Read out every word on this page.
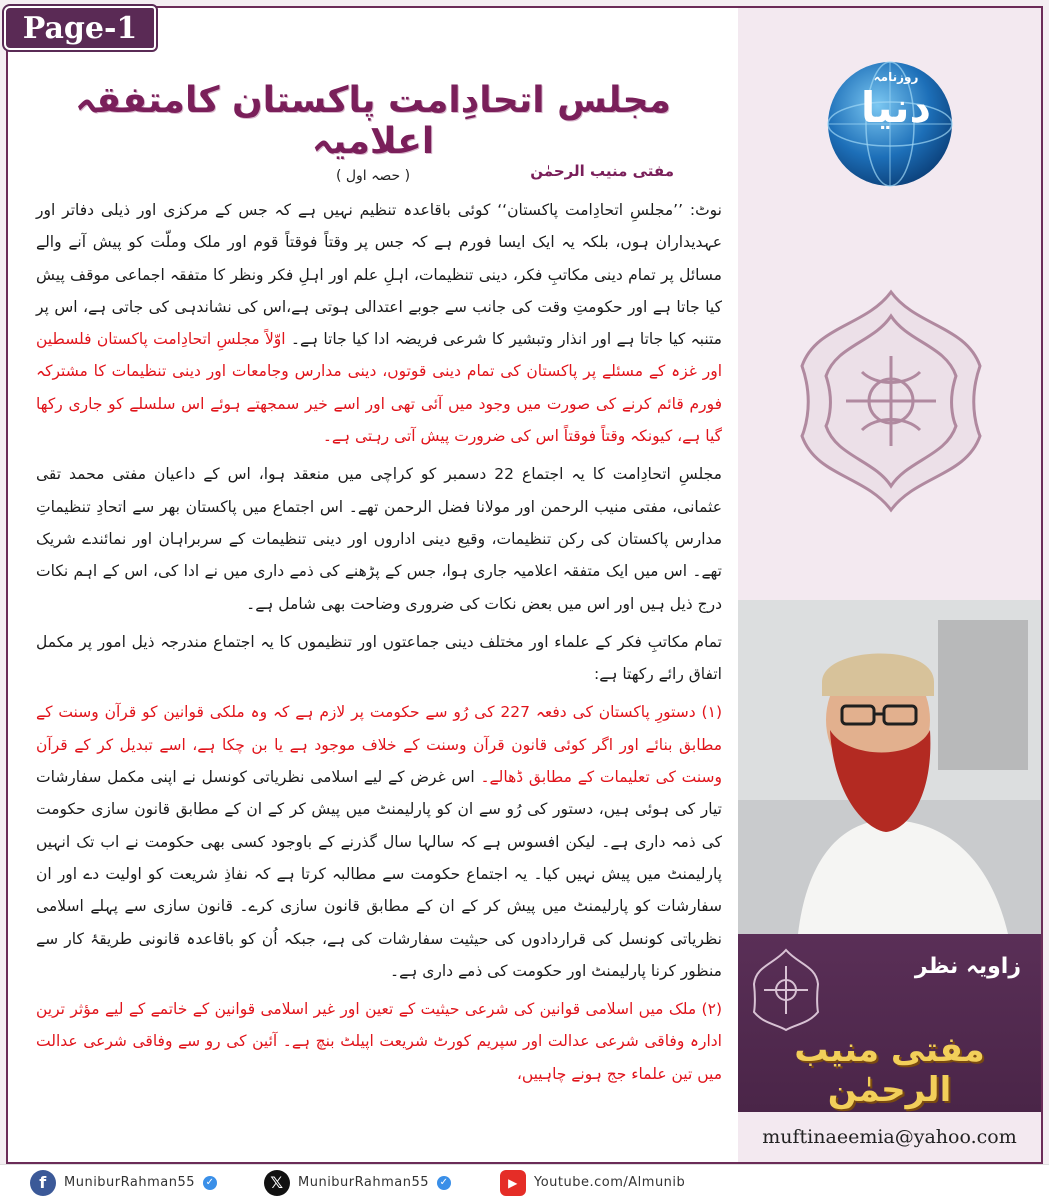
مجلس اتحادِامت پاکستان کامتفقہ اعلامیہ
( حصہ اول )	مفتی منیب الرحمٰن

نوٹ: ’’مجلسِ اتحادِامت پاکستان‘‘ کوئی باقاعدہ تنظیم نہیں ہے کہ جس کے مرکزی اور ذیلی دفاتر اور عہدیداران ہوں، بلکہ یہ ایک ایسا فورم ہے کہ جس پر وقتاً فوقتاً قوم اور ملک وملّت کو پیش آنے والے مسائل پر تمام دینی مکاتبِ فکر، دینی تنظیمات، اہلِ علم اور اہلِ فکر ونظر کا متفقہ اجماعی موقف پیش کیا جاتا ہے اور حکومتِ وقت کی جانب سے جوبے اعتدالی ہوتی ہے،اس کی نشاندہی کی جاتی ہے، اس پر متنبہ کیا جاتا ہے اور انذار وتبشیر کا شرعی فریضہ ادا کیا جاتا ہے۔ اوّلاً مجلسِ اتحادِامت پاکستان فلسطین اور غزہ کے مسئلے پر پاکستان کی تمام دینی قوتوں، دینی مدارس وجامعات اور دینی تنظیمات کا مشترکہ فورم قائم کرنے کی صورت میں وجود میں آئی تھی اور اسے خیر سمجھتے ہوئے اس سلسلے کو جاری رکھا گیا ہے، کیونکہ وقتاً فوقتاً اس کی ضرورت پیش آتی رہتی ہے۔

مجلسِ اتحادِامت کا یہ اجتماع 22 دسمبر کو کراچی میں منعقد ہوا، اس کے داعیان مفتی محمد تقی عثمانی، مفتی منیب الرحمن اور مولانا فضل الرحمن تھے۔ اس اجتماع میں پاکستان بھر سے اتحادِ تنظیماتِ مدارس پاکستان کی رکن تنظیمات، وقیع دینی اداروں اور دینی تنظیمات کے سربراہان اور نمائندے شریک تھے۔ اس میں ایک متفقہ اعلامیہ جاری ہوا، جس کے پڑھنے کی ذمے داری میں نے ادا کی، اس کے اہم نکات درج ذیل ہیں اور اس میں بعض نکات کی ضروری وضاحت بھی شامل ہے۔

تمام مکاتبِ فکر کے علماء اور مختلف دینی جماعتوں اور تنظیموں کا یہ اجتماع مندرجہ ذیل امور پر مکمل اتفاق رائے رکھتا ہے:

(۱) دستورِ پاکستان کی دفعہ 227 کی رُو سے حکومت پر لازم ہے کہ وہ ملکی قوانین کو قرآن وسنت کے مطابق بنائے اور اگر کوئی قانون قرآن وسنت کے خلاف موجود ہے یا بن چکا ہے، اسے تبدیل کر کے قرآن وسنت کی تعلیمات کے مطابق ڈھالے۔ اس غرض کے لیے اسلامی نظریاتی کونسل نے اپنی مکمل سفارشات تیار کی ہوئی ہیں، دستور کی رُو سے ان کو پارلیمنٹ میں پیش کر کے ان کے مطابق قانون سازی حکومت کی ذمہ داری ہے۔ لیکن افسوس ہے کہ سالہا سال گذرنے کے باوجود کسی بھی حکومت نے اب تک انہیں پارلیمنٹ میں پیش نہیں کیا۔ یہ اجتماع حکومت سے مطالبہ کرتا ہے کہ نفاذِ شریعت کو اولیت دے اور ان سفارشات کو پارلیمنٹ میں پیش کر کے ان کے مطابق قانون سازی کرے۔ قانون سازی سے پہلے اسلامی نظریاتی کونسل کی قراردادوں کی حیثیت سفارشات کی ہے، جبکہ اُن کو باقاعدہ قانونی طریقۂ کار سے منظور کرنا پارلیمنٹ اور حکومت کی ذمے داری ہے۔

(۲) ملک میں اسلامی قوانین کی شرعی حیثیت کے تعین اور غیر اسلامی قوانین کے خاتمے کے لیے مؤثر ترین ادارہ وفاقی شرعی عدالت اور سپریم کورٹ شریعت اپیلٹ بنچ ہے۔ آئین کی رو سے وفاقی شرعی عدالت میں تین علماء جج ہونے چاہییں،

Page-1
روزنامہ
دنیا
زاویہ نظر
مفتی منیب الرحمٰن
muftinaeemia@yahoo.com
f	MuniburRahman55 ✓	𝕏	MuniburRahman55 ✓	▶	Youtube.com/Almunib
